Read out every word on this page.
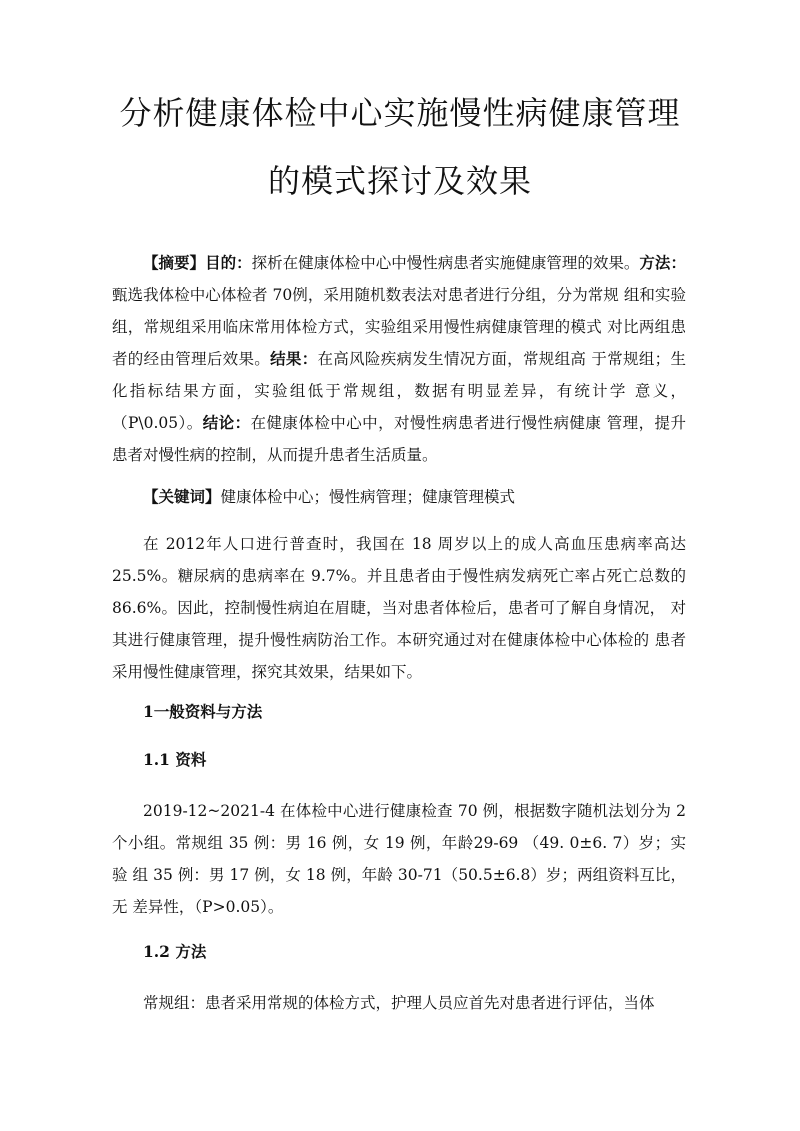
分析健康体检中心实施慢性病健康管理
的模式探讨及效果

【摘要】目的：探析在健康体检中心中慢性病患者实施健康管理的效果。方法：甄选我体检中心体检者 70例，采用随机数表法对患者进行分组，分为常规 组和实验组，常规组采用临床常用体检方式，实验组采用慢性病健康管理的模式 对比两组患者的经由管理后效果。结果：在高风险疾病发生情况方面，常规组高 于常规组；生化指标结果方面，实验组低于常规组，数据有明显差异，有统计学 意义，（P\0.05）。结论：在健康体检中心中，对慢性病患者进行慢性病健康 管理，提升患者对慢性病的控制，从而提升患者生活质量。

【关键词】健康体检中心；慢性病管理；健康管理模式

在 2012年人口进行普查时，我国在 18 周岁以上的成人高血压患病率高达 25.5%。糖尿病的患病率在 9.7%。并且患者由于慢性病发病死亡率占死亡总数的 86.6%。因此，控制慢性病迫在眉睫，当对患者体检后，患者可了解自身情况， 对其进行健康管理，提升慢性病防治工作。本研究通过对在健康体检中心体检的 患者采用慢性健康管理，探究其效果，结果如下。

1一般资料与方法

1.1 资料

2019-12~2021-4 在体检中心进行健康检查 70 例，根据数字随机法划分为 2 个小组。常规组 35 例：男 16 例，女 19 例，年龄29-69 （49. 0±6. 7）岁；实验 组 35 例：男 17 例，女 18 例，年龄 30-71（50.5±6.8）岁；两组资料互比，无 差异性，（P>0.05）。

1.2 方法

常规组：患者采用常规的体检方式，护理人员应首先对患者进行评估，当体
